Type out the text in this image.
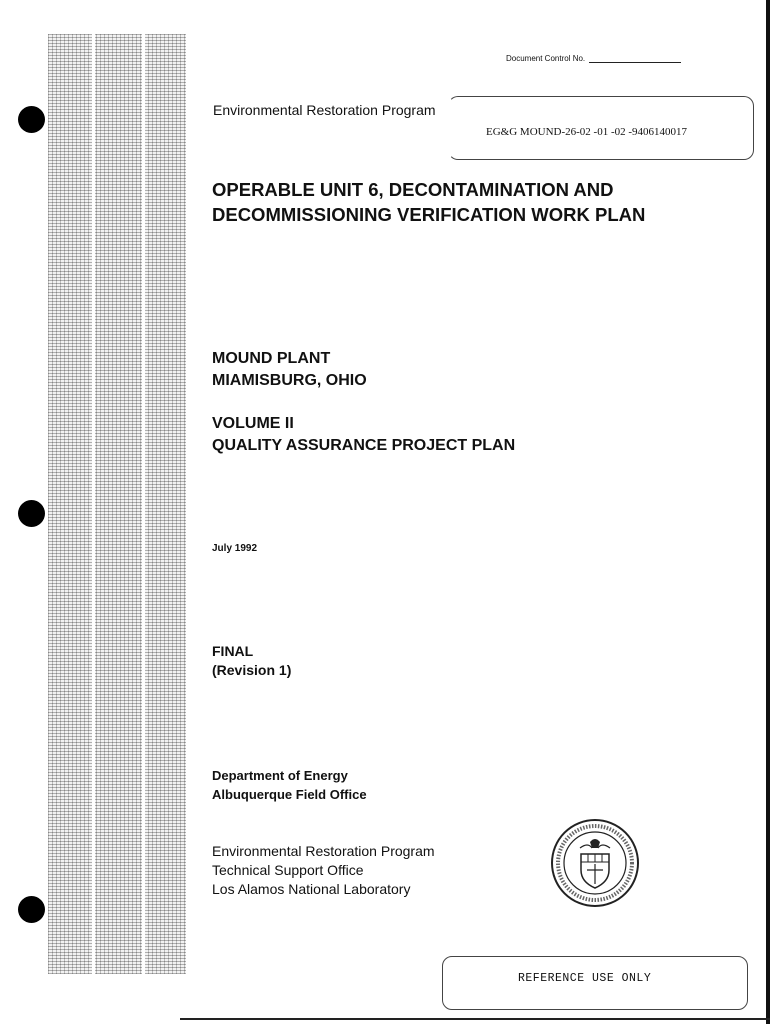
Document Control No.
Environmental Restoration Program
EG&G MOUND-26-02 -01 -02 -9406140017
OPERABLE UNIT 6, DECONTAMINATION AND
DECOMMISSIONING VERIFICATION WORK PLAN
MOUND PLANT
MIAMISBURG, OHIO
VOLUME II
QUALITY ASSURANCE PROJECT PLAN
July 1992
FINAL
(Revision 1)
Department of Energy
Albuquerque Field Office
Environmental Restoration Program
Technical Support Office
Los Alamos National Laboratory
REFERENCE USE ONLY
